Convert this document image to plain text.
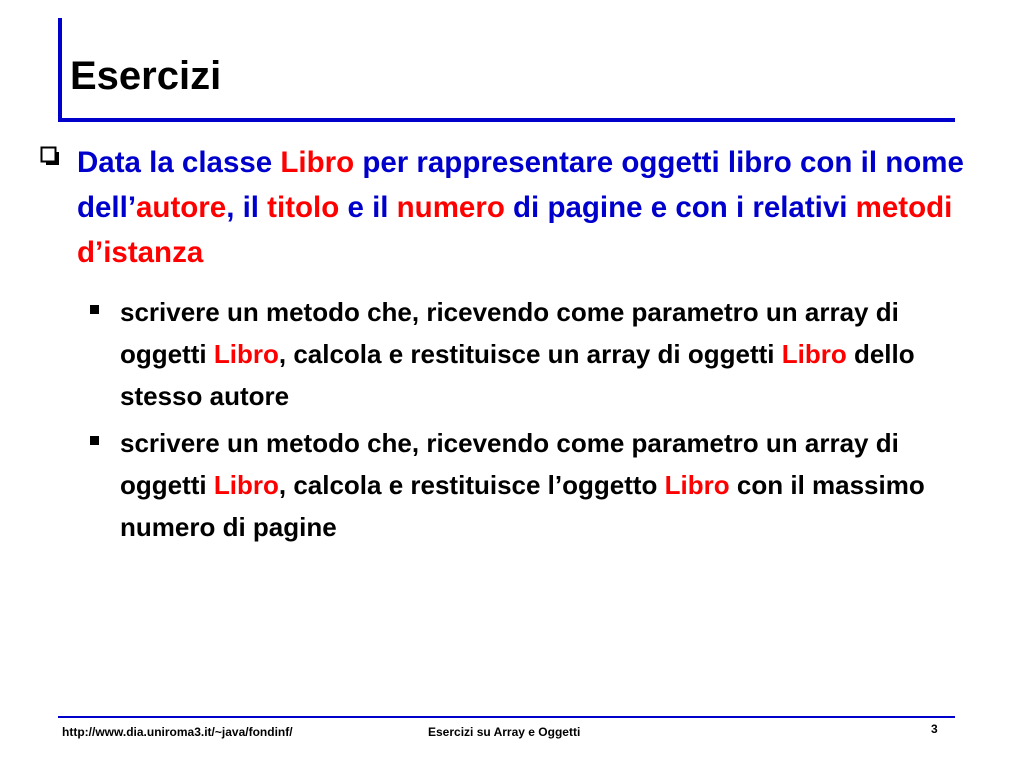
Esercizi
Data la classe Libro per rappresentare oggetti libro con il nome dell’autore, il titolo e il numero di pagine e con i relativi metodi d’istanza
scrivere un metodo che, ricevendo come parametro un array di oggetti Libro, calcola e restituisce un array di oggetti Libro dello stesso autore
scrivere un metodo che, ricevendo come parametro un array di oggetti Libro, calcola e restituisce l’oggetto Libro con il massimo numero di pagine
http://www.dia.uniroma3.it/~java/fondinf/	Esercizi su Array e Oggetti	3
